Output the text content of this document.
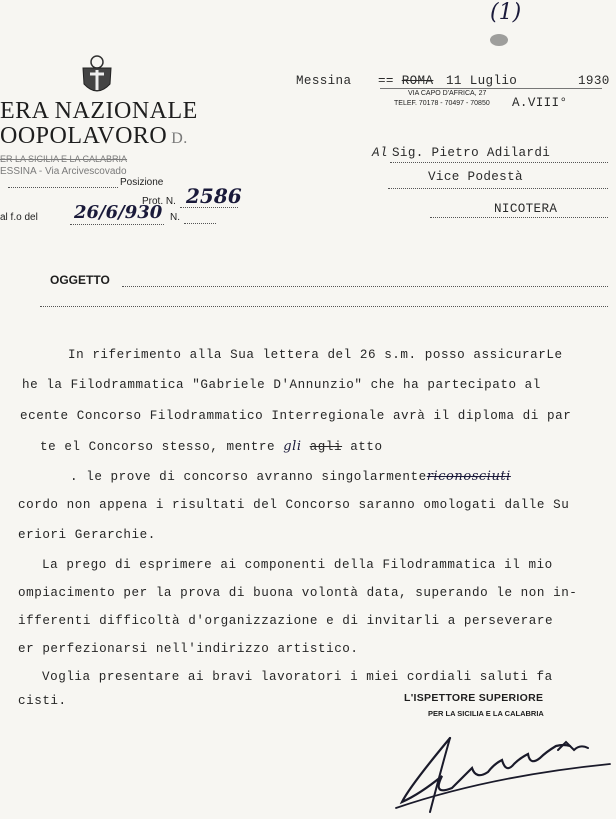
(1)
ERA NAZIONALE
OOPOLAVORO D.
ER LA SICILIA E LA CALABRIA
ESSINA - Via Arcivescovado
Posizione
Prot. N. 2586
al f.o del 26/6/930 N.
Messina == ROMA 11 Luglio	1930
VIA CAPO D'AFRICA, 27
TELEF. 70178 - 70497 - 70850 A.VIII°
Al Sig. Pietro Adilardi
Vice Podestà
NICOTERA
OGGETTO
In riferimento alla Sua lettera del 26 s.m. posso assicurarLe
he la Filodrammatica "Gabriele D'Annunzio" che ha partecipato al
ecente Concorso Filodrammatico Interregionale avrà il diploma di par
te el Concorso stesso, mentre gli agli atto
. le prove di concorso avranno singolarmentericonosciuti
cordo non appena i risultati del Concorso saranno omologati dalle Su
eriori Gerarchie.
La prego di esprimere ai componenti della Filodrammatica il mio
ompiacimento per la prova di buona volontà data, superando le non in-
ifferenti difficoltà d'organizzazione e di invitarli a perseverare
er perfezionarsi nell'indirizzo artistico.
Voglia presentare ai bravi lavoratori i miei cordiali saluti fa
cisti.	L'ISPETTORE SUPERIORE
PER LA SICILIA E LA CALABRIA
